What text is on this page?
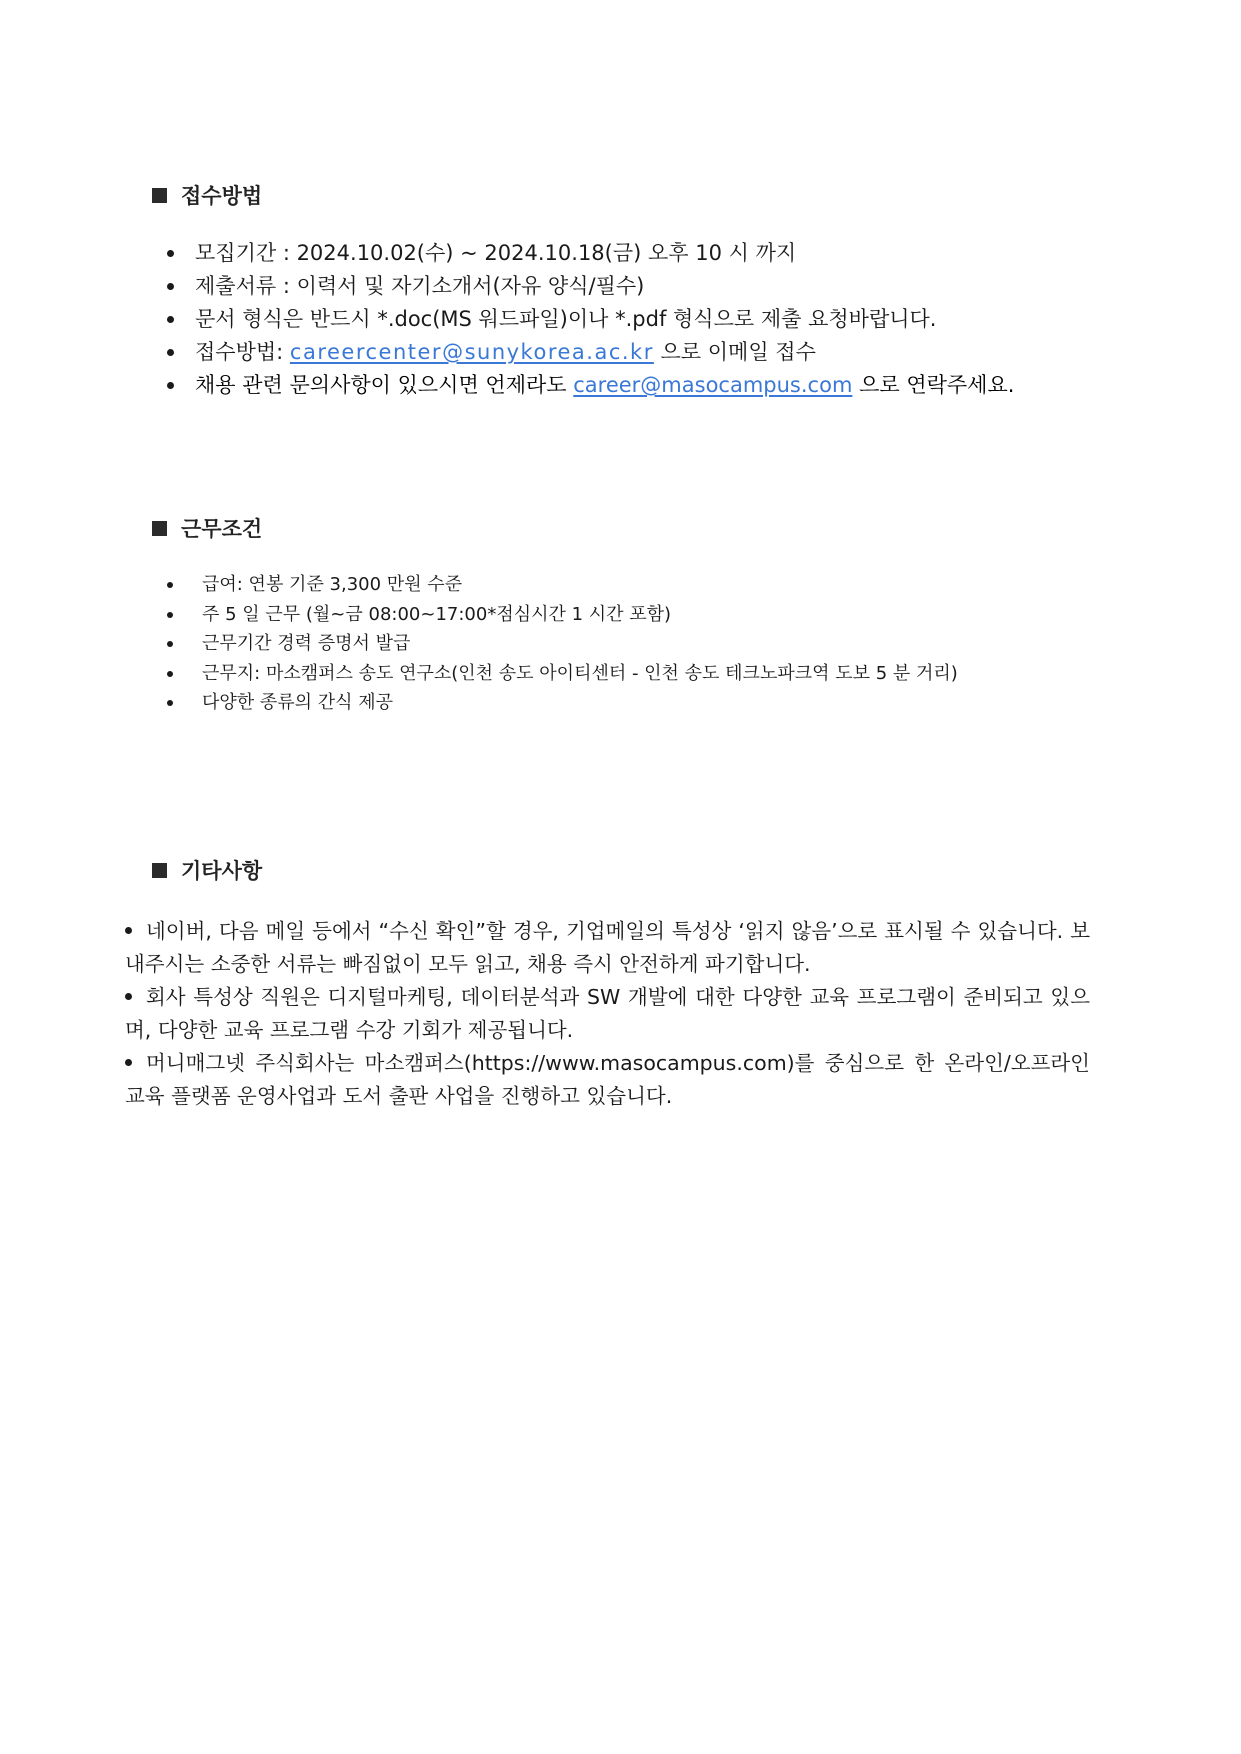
접수방법
모집기간 : 2024.10.02(수) ~ 2024.10.18(금) 오후 10 시 까지
제출서류 : 이력서 및 자기소개서(자유 양식/필수)
문서 형식은 반드시 *.doc(MS 워드파일)이나 *.pdf 형식으로 제출 요청바랍니다.
접수방법: careercenter@sunykorea.ac.kr 으로 이메일 접수
채용 관련 문의사항이 있으시면 언제라도 career@masocampus.com 으로 연락주세요.
근무조건
급여: 연봉 기준 3,300 만원 수준
주 5 일 근무 (월~금 08:00~17:00*점심시간 1 시간 포함)
근무기간 경력 증명서 발급
근무지: 마소캠퍼스 송도 연구소(인천 송도 아이티센터 - 인천 송도 테크노파크역 도보 5 분 거리)
다양한 종류의 간식 제공
기타사항
네이버, 다음 메일 등에서 “수신 확인”할 경우, 기업메일의 특성상 ‘읽지 않음’으로 표시될 수 있습니다. 보내주시는 소중한 서류는 빠짐없이 모두 읽고, 채용 즉시 안전하게 파기합니다.
회사 특성상 직원은 디지털마케팅, 데이터분석과 SW 개발에 대한 다양한 교육 프로그램이 준비되고 있으며, 다양한 교육 프로그램 수강 기회가 제공됩니다.
머니매그넷 주식회사는 마소캠퍼스(https://www.masocampus.com)를 중심으로 한 온라인/오프라인 교육 플랫폼 운영사업과 도서 출판 사업을 진행하고 있습니다.
